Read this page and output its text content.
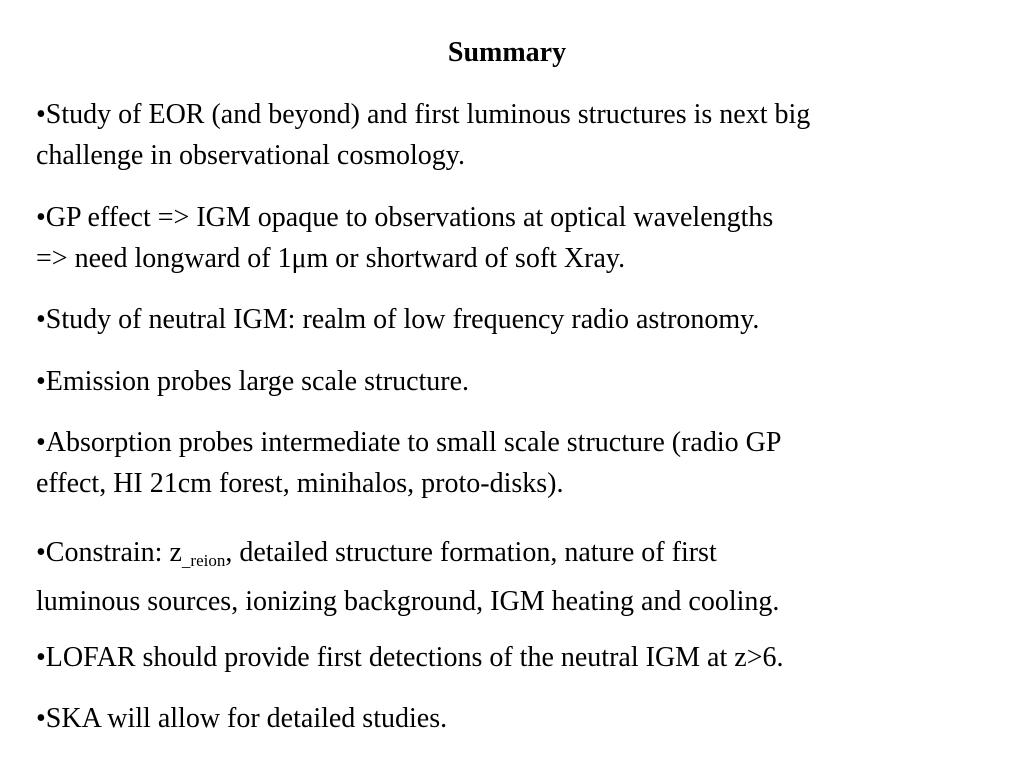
Summary

•Study of EOR (and beyond) and first luminous structures is next big
challenge in observational cosmology.

•GP effect => IGM opaque to observations at optical wavelengths
=> need longward of 1μm or shortward of soft Xray.

•Study of neutral IGM: realm of low frequency radio astronomy.

•Emission probes large scale structure.

•Absorption probes intermediate to small scale structure (radio GP
effect, HI 21cm forest, minihalos, proto-disks).

•Constrain: $z_{\_reion}$, detailed structure formation, nature of first
luminous sources, ionizing background, IGM heating and cooling.

•LOFAR should provide first detections of the neutral IGM at z>6.

•SKA will allow for detailed studies.
